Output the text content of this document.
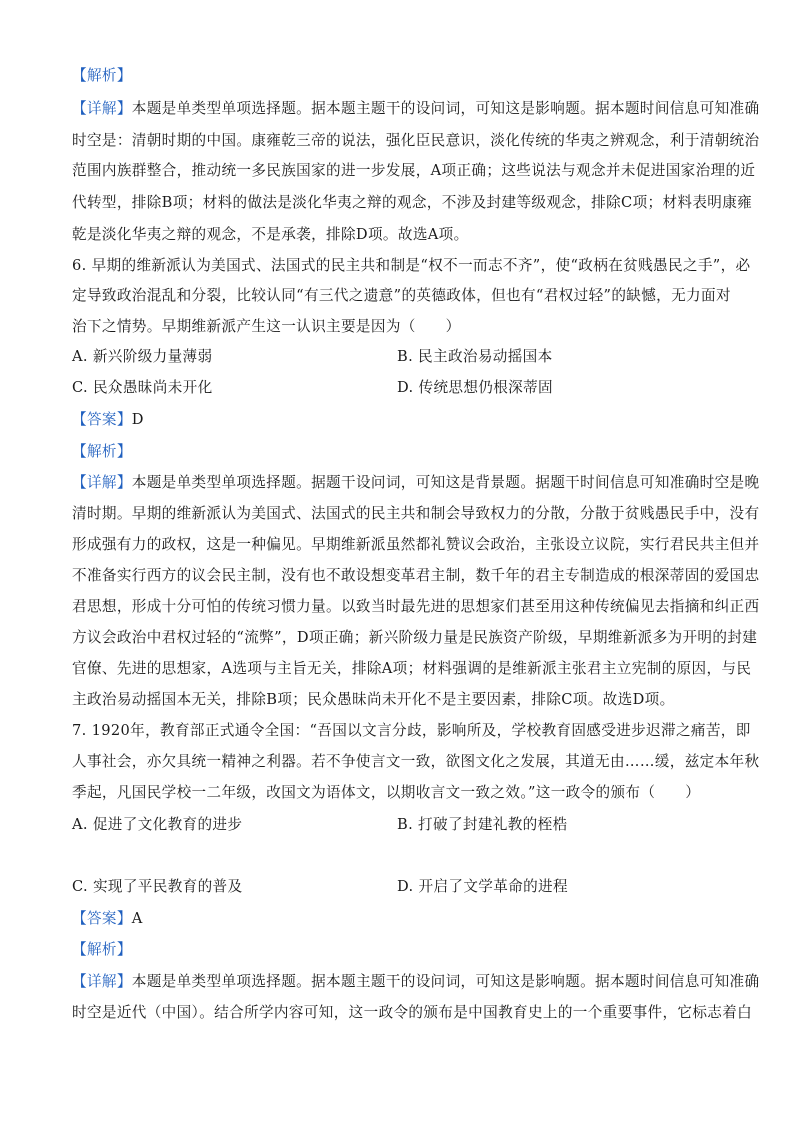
【解析】
【详解】本题是单类型单项选择题。据本题主题干的设问词，可知这是影响题。据本题时间信息可知准确
时空是：清朝时期的中国。康雍乾三帝的说法，强化臣民意识，淡化传统的华夷之辨观念，利于清朝统治
范围内族群整合，推动统一多民族国家的进一步发展，A项正确；这些说法与观念并未促进国家治理的近
代转型，排除B项；材料的做法是淡化华夷之辩的观念，不涉及封建等级观念，排除C项；材料表明康雍
乾是淡化华夷之辩的观念，不是承袭，排除D项。故选A项。
6. 早期的维新派认为美国式、法国式的民主共和制是“权不一而志不齐”，使“政柄在贫贱愚民之手”，必
定导致政治混乱和分裂，比较认同“有三代之遗意”的英德政体，但也有“君权过轻”的缺憾，无力面对
治下之情势。早期维新派产生这一认识主要是因为（　　）
A. 新兴阶级力量薄弱	B. 民主政治易动摇国本
C. 民众愚昧尚未开化	D. 传统思想仍根深蒂固
【答案】D
【解析】
【详解】本题是单类型单项选择题。据题干设问词，可知这是背景题。据题干时间信息可知准确时空是晚
清时期。早期的维新派认为美国式、法国式的民主共和制会导致权力的分散，分散于贫贱愚民手中，没有
形成强有力的政权，这是一种偏见。早期维新派虽然都礼赞议会政治，主张设立议院，实行君民共主但并
不准备实行西方的议会民主制，没有也不敢设想变革君主制，数千年的君主专制造成的根深蒂固的爱国忠
君思想，形成十分可怕的传统习惯力量。以致当时最先进的思想家们甚至用这种传统偏见去指摘和纠正西
方议会政治中君权过轻的“流弊”，D项正确；新兴阶级力量是民族资产阶级，早期维新派多为开明的封建
官僚、先进的思想家，A选项与主旨无关，排除A项；材料强调的是维新派主张君主立宪制的原因，与民
主政治易动摇国本无关，排除B项；民众愚昧尚未开化不是主要因素，排除C项。故选D项。
7. 1920年，教育部正式通令全国：“吾国以文言分歧，影响所及，学校教育固感受进步迟滞之痛苦，即
人事社会，亦欠具统一精神之利器。若不争使言文一致，欲图文化之发展，其道无由……缓，兹定本年秋
季起，凡国民学校一二年级，改国文为语体文，以期收言文一致之效。”这一政令的颁布（　　）
A. 促进了文化教育的进步	B. 打破了封建礼教的桎梏
C. 实现了平民教育的普及	D. 开启了文学革命的进程
【答案】A
【解析】
【详解】本题是单类型单项选择题。据本题主题干的设问词，可知这是影响题。据本题时间信息可知准确
时空是近代（中国）。结合所学内容可知，这一政令的颁布是中国教育史上的一个重要事件，它标志着白
